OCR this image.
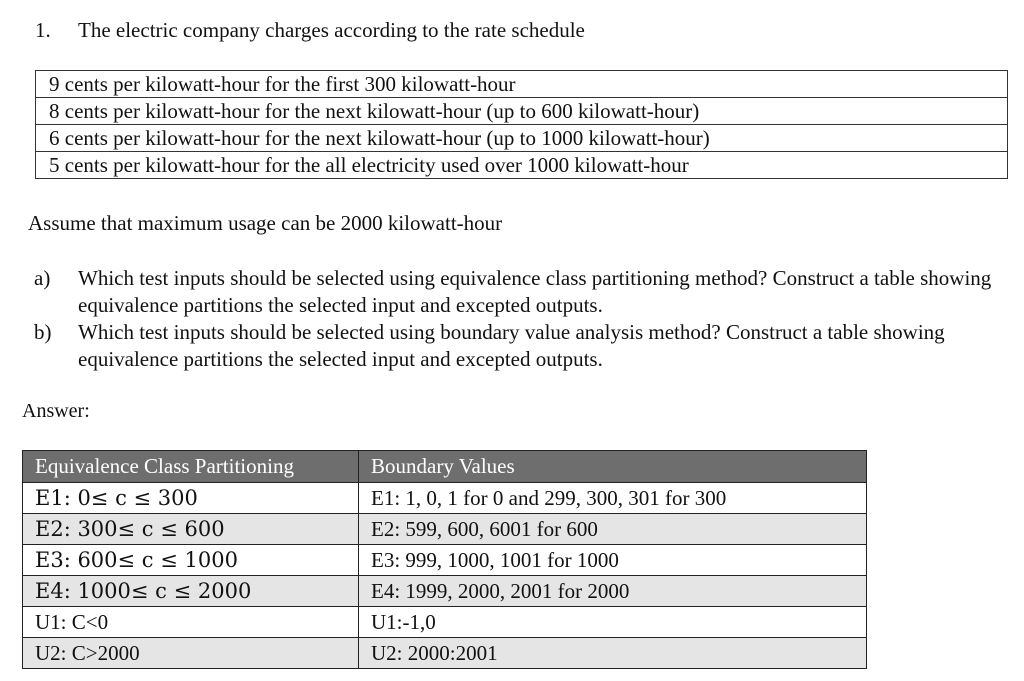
1. The electric company charges according to the rate schedule
9 cents per kilowatt-hour for the first 300 kilowatt-hour
8 cents per kilowatt-hour for the next kilowatt-hour (up to 600 kilowatt-hour)
6 cents per kilowatt-hour for the next kilowatt-hour (up to 1000 kilowatt-hour)
5 cents per kilowatt-hour for the all electricity used over 1000 kilowatt-hour
Assume that maximum usage can be 2000 kilowatt-hour
a) Which test inputs should be selected using equivalence class partitioning method? Construct a table showing equivalence partitions the selected input and excepted outputs.
b) Which test inputs should be selected using boundary value analysis method? Construct a table showing equivalence partitions the selected input and excepted outputs.
Answer:
Equivalence Class Partitioning	Boundary Values
E1: 0≤ c ≤ 300	E1: 1, 0, 1 for 0 and 299, 300, 301 for 300
E2: 300≤ c ≤ 600	E2: 599, 600, 6001 for 600
E3: 600≤ c ≤ 1000	E3: 999, 1000, 1001 for 1000
E4: 1000≤ c ≤ 2000	E4: 1999, 2000, 2001 for 2000
U1: C<0	U1:-1,0
U2: C>2000	U2: 2000:2001
